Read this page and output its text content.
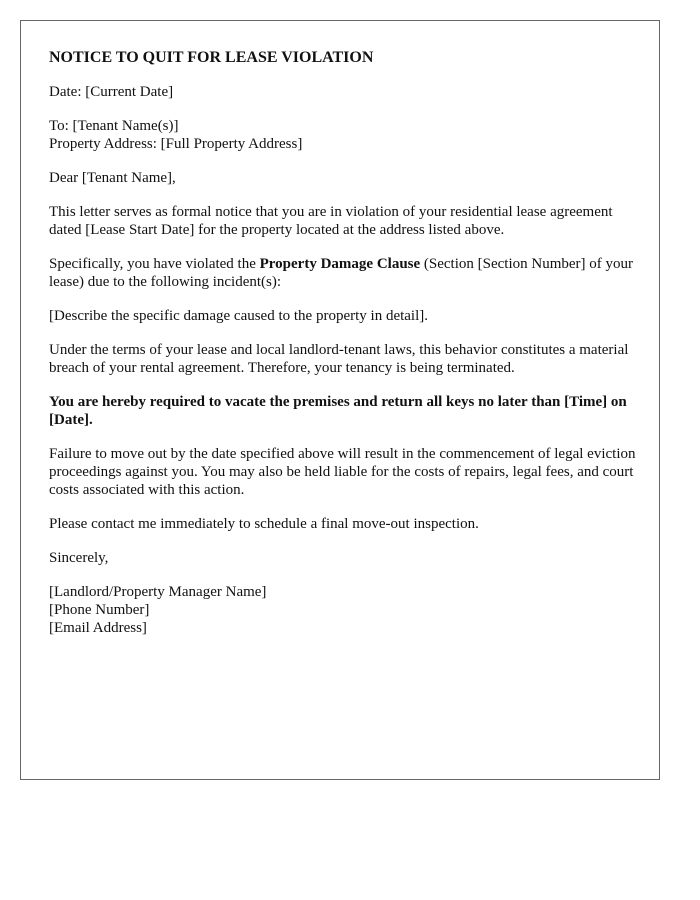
NOTICE TO QUIT FOR LEASE VIOLATION

Date: [Current Date]

To: [Tenant Name(s)]
Property Address: [Full Property Address]

Dear [Tenant Name],

This letter serves as formal notice that you are in violation of your residential lease agreement dated [Lease Start Date] for the property located at the address listed above.

Specifically, you have violated the Property Damage Clause (Section [Section Number] of your lease) due to the following incident(s):

[Describe the specific damage caused to the property in detail].

Under the terms of your lease and local landlord-tenant laws, this behavior constitutes a material breach of your rental agreement. Therefore, your tenancy is being terminated.

You are hereby required to vacate the premises and return all keys no later than [Time] on [Date].

Failure to move out by the date specified above will result in the commencement of legal eviction proceedings against you. You may also be held liable for the costs of repairs, legal fees, and court costs associated with this action.

Please contact me immediately to schedule a final move-out inspection.

Sincerely,

[Landlord/Property Manager Name]
[Phone Number]
[Email Address]
